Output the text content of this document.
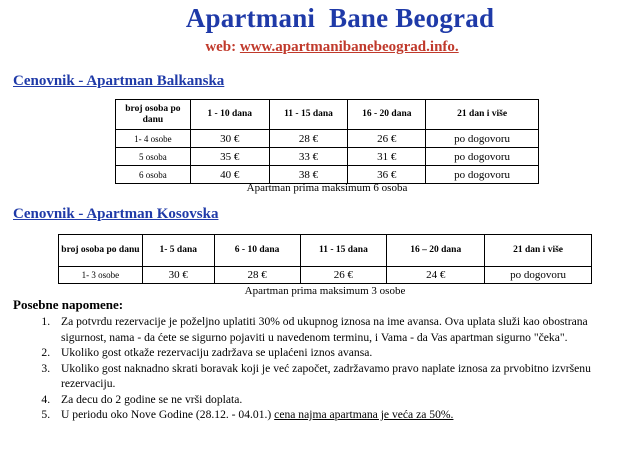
Apartmani  Bane Beograd
web: www.apartmanibanebeograd.info.
Cenovnik - Apartman Balkanska
broj osoba po danu	1 - 10 dana	11 - 15 dana	16 - 20 dana	21 dan i više
1- 4 osobe	30 €	28 €	26 €	po dogovoru
5 osoba	35 €	33 €	31 €	po dogovoru
6 osoba	40 €	38 €	36 €	po dogovoru
Apartman prima maksimum 6 osoba
Cenovnik - Apartman Kosovska
broj osoba po danu	1- 5 dana	6 - 10 dana	11 - 15 dana	16 – 20 dana	21 dan i više
1- 3 osobe	30 €	28 €	26 €	24 €	po dogovoru
Apartman prima maksimum 3 osobe
Posebne napomene:
1. Za potvrdu rezervacije je poželjno uplatiti 30% od ukupnog iznosa na ime avansa. Ova uplata služi kao obostrana sigurnost, nama - da ćete se sigurno pojaviti u navedenom terminu, i Vama - da Vas apartman sigurno "čeka".
2. Ukoliko gost otkaže rezervaciju zadržava se uplaćeni iznos avansa.
3. Ukoliko gost naknadno skrati boravak koji je već započet, zadržavamo pravo naplate iznosa za prvobitno izvršenu rezervaciju.
4. Za decu do 2 godine se ne vrši doplata.
5. U periodu oko Nove Godine (28.12. - 04.01.) cena najma apartmana je veća za 50%.
